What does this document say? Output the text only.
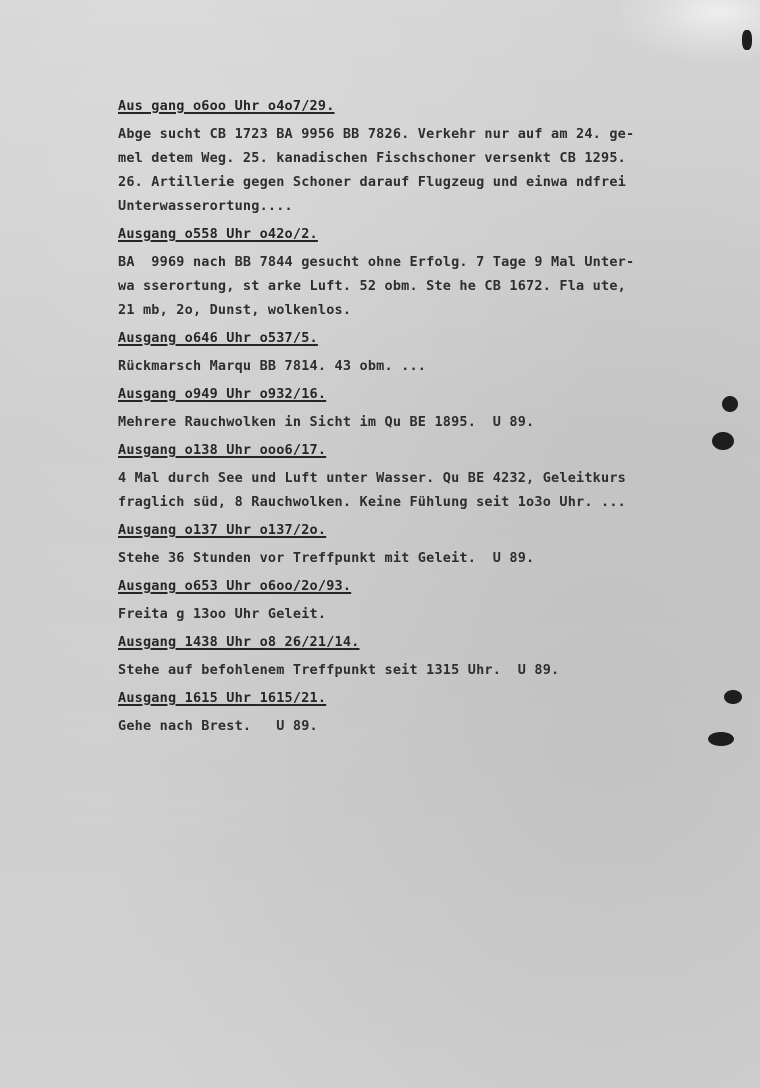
Aus gang o6oo Uhr o4o7/29.
Abge sucht CB 1723 BA 9956 BB 7826. Verkehr nur auf am 24. ge-
mel detem Weg. 25. kanadischen Fischschoner versenkt CB 1295.
26. Artillerie gegen Schoner darauf Flugzeug und einwa ndfrei
Unterwasserortung....
Ausgang o558 Uhr o42o/2.
BA  9969 nach BB 7844 gesucht ohne Erfolg. 7 Tage 9 Mal Unter-
wa sserortung, st arke Luft. 52 obm. Ste he CB 1672. Fla ute,
21 mb, 2o, Dunst, wolkenlos.
Ausgang o646 Uhr o537/5.
Rückmarsch Marqu BB 7814. 43 obm. ...
Ausgang o949 Uhr o932/16.
Mehrere Rauchwolken in Sicht im Qu BE 1895.  U 89.
Ausgang o138 Uhr ooo6/17.
4 Mal durch See und Luft unter Wasser. Qu BE 4232, Geleitkurs
fraglich süd, 8 Rauchwolken. Keine Fühlung seit 1o3o Uhr. ...
Ausgang o137 Uhr o137/2o.
Stehe 36 Stunden vor Treffpunkt mit Geleit.  U 89.
Ausgang o653 Uhr o6oo/2o/93.
Freita g 13oo Uhr Geleit.
Ausgang 1438 Uhr o8 26/21/14.
Stehe auf befohlenem Treffpunkt seit 1315 Uhr.  U 89.
Ausgang 1615 Uhr 1615/21.
Gehe nach Brest.   U 89.
